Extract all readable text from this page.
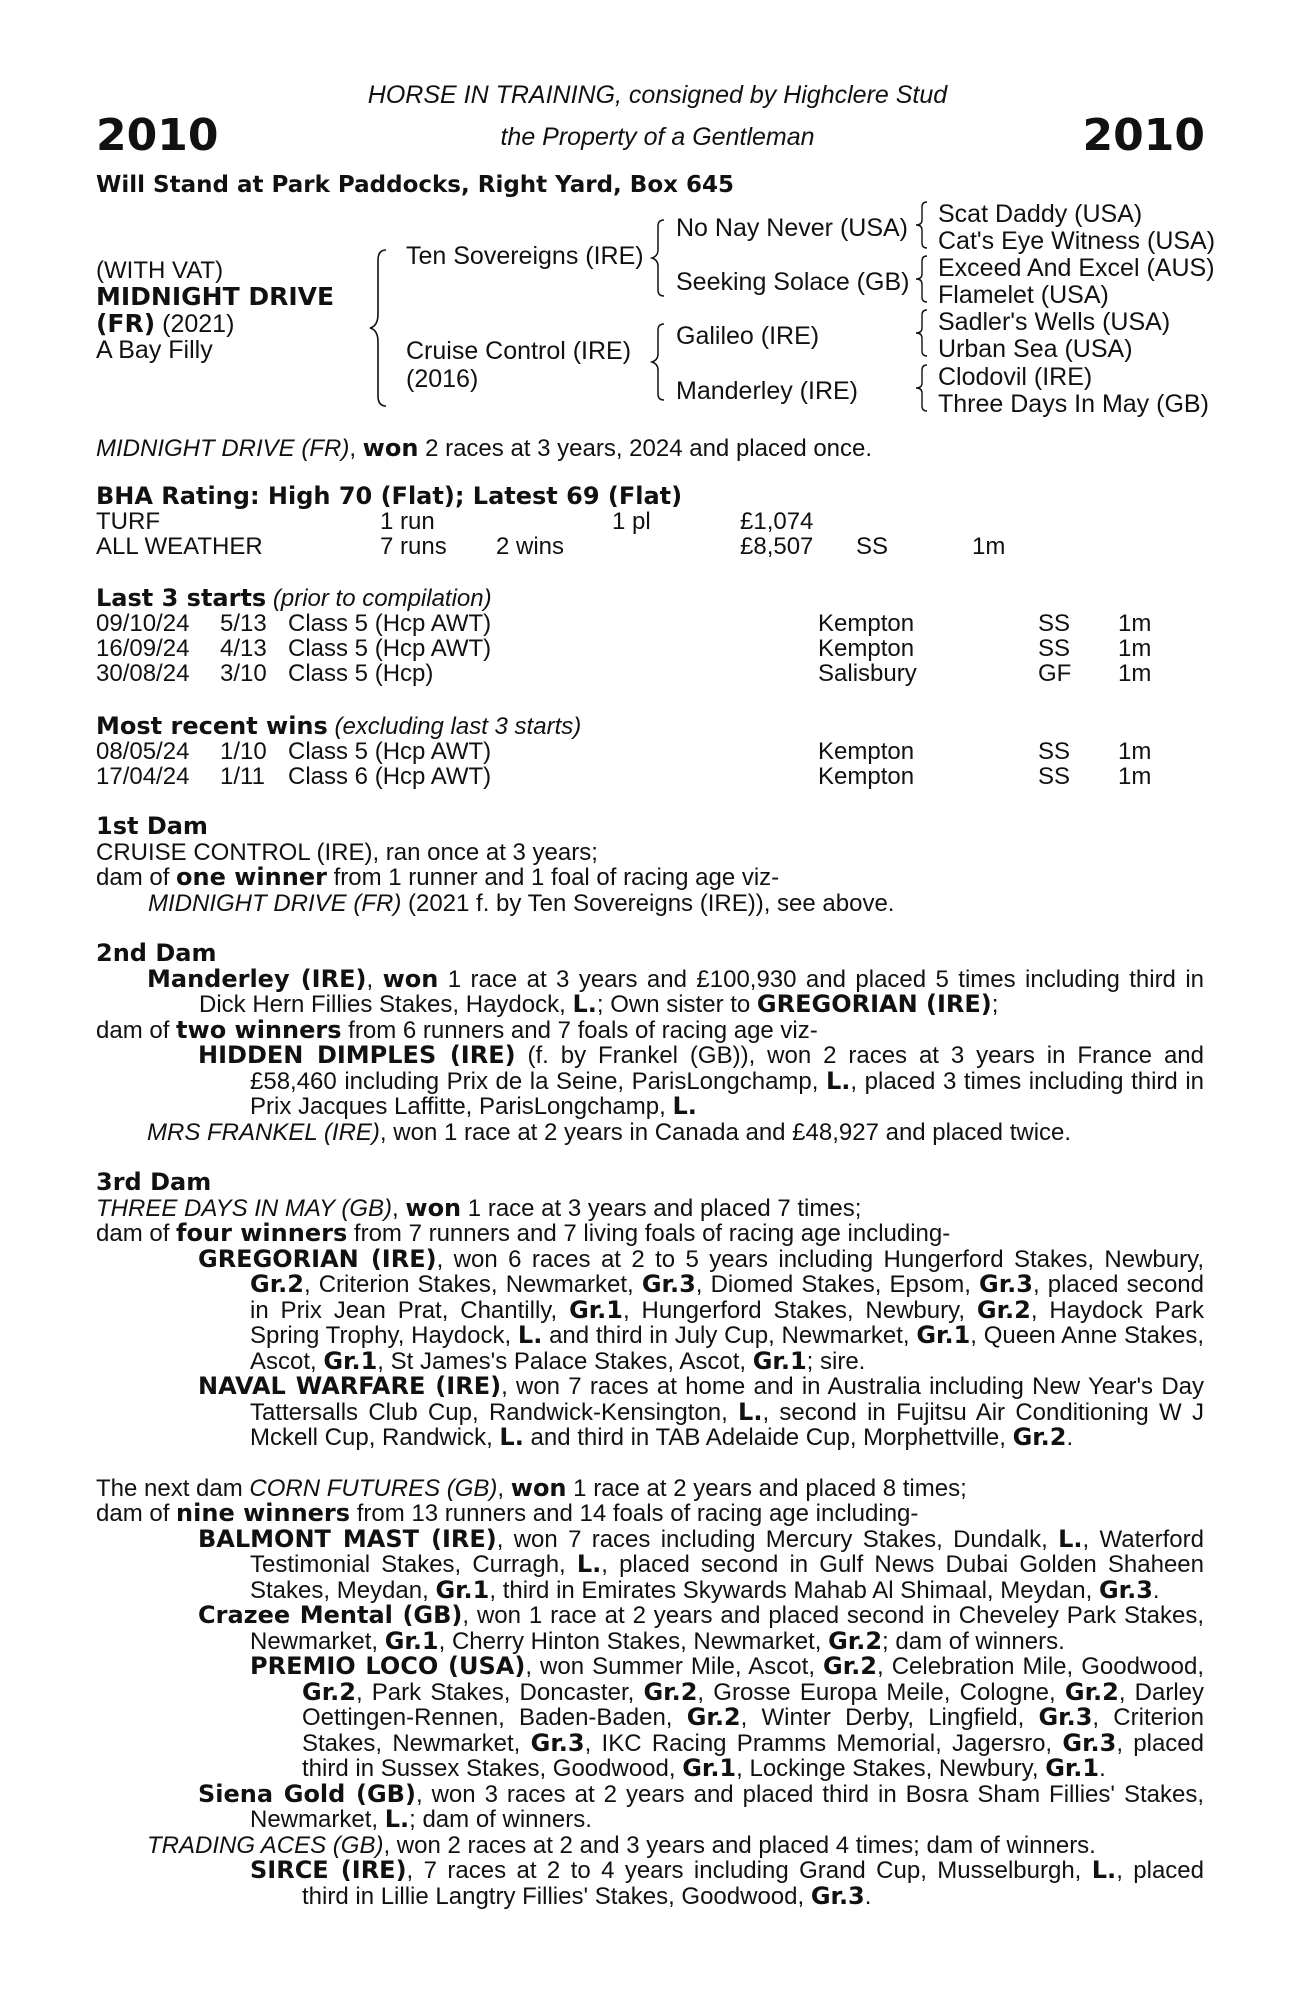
2010	2010
HORSE IN TRAINING, consigned by Highclere Stud
the Property of a Gentleman
Will Stand at Park Paddocks, Right Yard, Box 645
(WITH VAT)
MIDNIGHT DRIVE
(FR) (2021)
A Bay Filly
Ten Sovereigns (IRE)
Cruise Control (IRE)
(2016)
No Nay Never (USA)
Seeking Solace (GB)
Galileo (IRE)
Manderley (IRE)
Scat Daddy (USA)
Cat's Eye Witness (USA)
Exceed And Excel (AUS)
Flamelet (USA)
Sadler's Wells (USA)
Urban Sea (USA)
Clodovil (IRE)
Three Days In May (GB)
MIDNIGHT DRIVE (FR), won 2 races at 3 years, 2024 and placed once.
BHA Rating: High 70 (Flat); Latest 69 (Flat)
TURF	1 run	1 pl	£1,074
ALL WEATHER	7 runs 2 wins	£8,507 SS	1m
Last 3 starts (prior to compilation)
09/10/24 5/13 Class 5 (Hcp AWT)	Kempton	SS 1m
16/09/24 4/13 Class 5 (Hcp AWT)	Kempton	SS 1m
30/08/24 3/10 Class 5 (Hcp)	Salisbury	GF 1m
Most recent wins (excluding last 3 starts)
08/05/24 1/10 Class 5 (Hcp AWT)	Kempton	SS 1m
17/04/24 1/11 Class 6 (Hcp AWT)	Kempton	SS 1m

1st Dam

CRUISE CONTROL (IRE), ran once at 3 years;

dam of one winner from 1 runner and 1 foal of racing age viz-

MIDNIGHT DRIVE (FR) (2021 f. by Ten Sovereigns (IRE)), see above.

2nd Dam

Manderley (IRE), won 1 race at 3 years and £100,930 and placed 5 times including third in Dick Hern Fillies Stakes, Haydock, L.; Own sister to GREGORIAN (IRE);

dam of two winners from 6 runners and 7 foals of racing age viz-

HIDDEN DIMPLES (IRE) (f. by Frankel (GB)), won 2 races at 3 years in France and £58,460 including Prix de la Seine, ParisLongchamp, L., placed 3 times including third in Prix Jacques Laffitte, ParisLongchamp, L.

MRS FRANKEL (IRE), won 1 race at 2 years in Canada and £48,927 and placed twice.

3rd Dam

THREE DAYS IN MAY (GB), won 1 race at 3 years and placed 7 times;

dam of four winners from 7 runners and 7 living foals of racing age including-

GREGORIAN (IRE), won 6 races at 2 to 5 years including Hungerford Stakes, Newbury, Gr.2, Criterion Stakes, Newmarket, Gr.3, Diomed Stakes, Epsom, Gr.3, placed second in Prix Jean Prat, Chantilly, Gr.1, Hungerford Stakes, Newbury, Gr.2, Haydock Park Spring Trophy, Haydock, L. and third in July Cup, Newmarket, Gr.1, Queen Anne Stakes, Ascot, Gr.1, St James's Palace Stakes, Ascot, Gr.1; sire.

NAVAL WARFARE (IRE), won 7 races at home and in Australia including New Year's Day Tattersalls Club Cup, Randwick-Kensington, L., second in Fujitsu Air Conditioning W J Mckell Cup, Randwick, L. and third in TAB Adelaide Cup, Morphettville, Gr.2.

The next dam CORN FUTURES (GB), won 1 race at 2 years and placed 8 times;

dam of nine winners from 13 runners and 14 foals of racing age including-

BALMONT MAST (IRE), won 7 races including Mercury Stakes, Dundalk, L., Waterford Testimonial Stakes, Curragh, L., placed second in Gulf News Dubai Golden Shaheen Stakes, Meydan, Gr.1, third in Emirates Skywards Mahab Al Shimaal, Meydan, Gr.3.

Crazee Mental (GB), won 1 race at 2 years and placed second in Cheveley Park Stakes, Newmarket, Gr.1, Cherry Hinton Stakes, Newmarket, Gr.2; dam of winners.

PREMIO LOCO (USA), won Summer Mile, Ascot, Gr.2, Celebration Mile, Goodwood, Gr.2, Park Stakes, Doncaster, Gr.2, Grosse Europa Meile, Cologne, Gr.2, Darley Oettingen-Rennen, Baden-Baden, Gr.2, Winter Derby, Lingfield, Gr.3, Criterion Stakes, Newmarket, Gr.3, IKC Racing Pramms Memorial, Jagersro, Gr.3, placed third in Sussex Stakes, Goodwood, Gr.1, Lockinge Stakes, Newbury, Gr.1.

Siena Gold (GB), won 3 races at 2 years and placed third in Bosra Sham Fillies' Stakes, Newmarket, L.; dam of winners.

TRADING ACES (GB), won 2 races at 2 and 3 years and placed 4 times; dam of winners.

SIRCE (IRE), 7 races at 2 to 4 years including Grand Cup, Musselburgh, L., placed third in Lillie Langtry Fillies' Stakes, Goodwood, Gr.3.
